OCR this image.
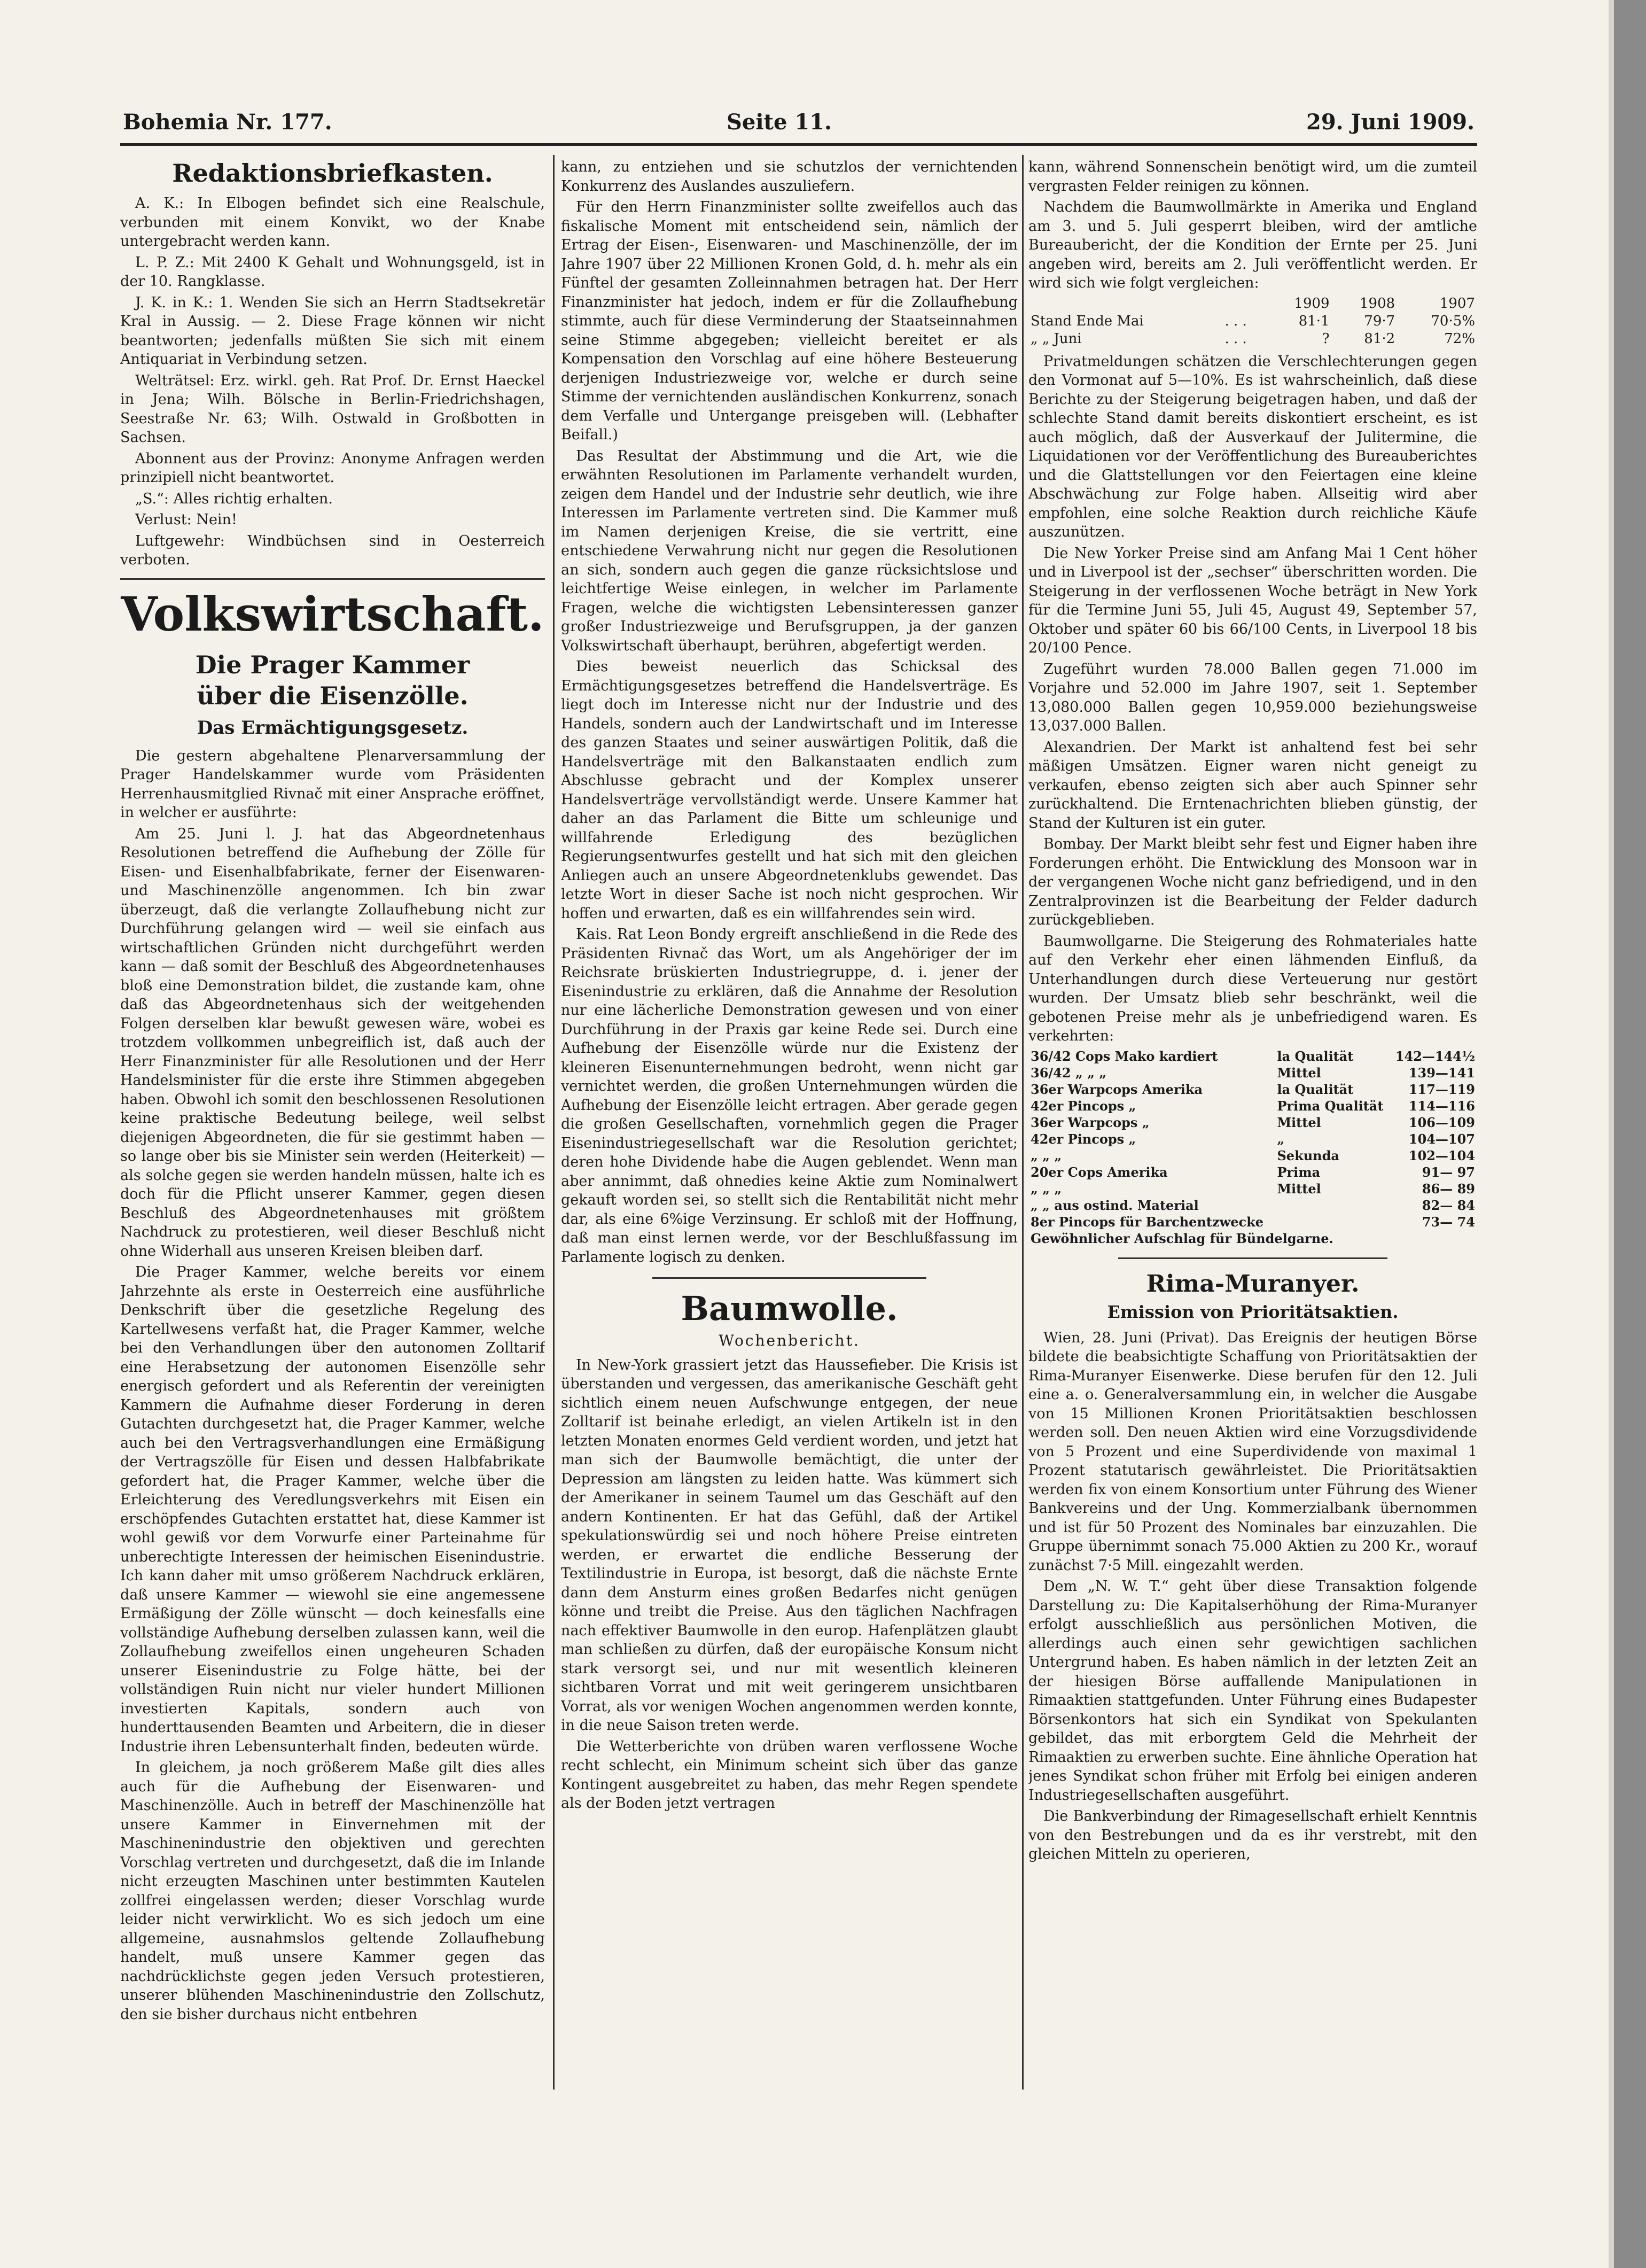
Bohemia Nr. 177.	Seite 11.	29. Juni 1909.
Redaktionsbriefkasten.

A. K.: In Elbogen befindet sich eine Realschule, verbunden mit einem Konvikt, wo der Knabe untergebracht werden kann.

L. P. Z.: Mit 2400 K Gehalt und Wohnungsgeld, ist in der 10. Rangklasse.

J. K. in K.: 1. Wenden Sie sich an Herrn Stadtsekretär Kral in Aussig. — 2. Diese Frage können wir nicht beantworten; jedenfalls müßten Sie sich mit einem Antiquariat in Verbindung setzen.

Welträtsel: Erz. wirkl. geh. Rat Prof. Dr. Ernst Haeckel in Jena; Wilh. Bölsche in Berlin-Friedrichshagen, Seestraße Nr. 63; Wilh. Ostwald in Großbotten in Sachsen.

Abonnent aus der Provinz: Anonyme Anfragen werden prinzipiell nicht beantwortet.

„S.“: Alles richtig erhalten.

Verlust: Nein!

Luftgewehr: Windbüchsen sind in Oesterreich verboten.

Volkswirtschaft.
Die Prager Kammer
über die Eisenzölle.
Das Ermächtigungsgesetz.

Die gestern abgehaltene Plenarversammlung der Prager Handelskammer wurde vom Präsidenten Herrenhausmitglied Rivnač mit einer Ansprache eröffnet, in welcher er ausführte:

Am 25. Juni l. J. hat das Abgeordnetenhaus Resolutionen betreffend die Aufhebung der Zölle für Eisen- und Eisenhalbfabrikate, ferner der Eisenwaren- und Maschinenzölle angenommen. Ich bin zwar überzeugt, daß die verlangte Zollaufhebung nicht zur Durchführung gelangen wird — weil sie einfach aus wirtschaftlichen Gründen nicht durchgeführt werden kann — daß somit der Beschluß des Abgeordnetenhauses bloß eine Demonstration bildet, die zustande kam, ohne daß das Abgeordnetenhaus sich der weitgehenden Folgen derselben klar bewußt gewesen wäre, wobei es trotzdem vollkommen unbegreiflich ist, daß auch der Herr Finanzminister für alle Resolutionen und der Herr Handelsminister für die erste ihre Stimmen abgegeben haben. Obwohl ich somit den beschlossenen Resolutionen keine praktische Bedeutung beilege, weil selbst diejenigen Abgeordneten, die für sie gestimmt haben — so lange ober bis sie Minister sein werden (Heiterkeit) — als solche gegen sie werden handeln müssen, halte ich es doch für die Pflicht unserer Kammer, gegen diesen Beschluß des Abgeordnetenhauses mit größtem Nachdruck zu protestieren, weil dieser Beschluß nicht ohne Widerhall aus unseren Kreisen bleiben darf.

Die Prager Kammer, welche bereits vor einem Jahrzehnte als erste in Oesterreich eine ausführliche Denkschrift über die gesetzliche Regelung des Kartellwesens verfaßt hat, die Prager Kammer, welche bei den Verhandlungen über den autonomen Zolltarif eine Herabsetzung der autonomen Eisenzölle sehr energisch gefordert und als Referentin der vereinigten Kammern die Aufnahme dieser Forderung in deren Gutachten durchgesetzt hat, die Prager Kammer, welche auch bei den Vertragsverhandlungen eine Ermäßigung der Vertragszölle für Eisen und dessen Halbfabrikate gefordert hat, die Prager Kammer, welche über die Erleichterung des Veredlungsverkehrs mit Eisen ein erschöpfendes Gutachten erstattet hat, diese Kammer ist wohl gewiß vor dem Vorwurfe einer Parteinahme für unberechtigte Interessen der heimischen Eisenindustrie. Ich kann daher mit umso größerem Nachdruck erklären, daß unsere Kammer — wiewohl sie eine angemessene Ermäßigung der Zölle wünscht — doch keinesfalls eine vollständige Aufhebung derselben zulassen kann, weil die Zollaufhebung zweifellos einen ungeheuren Schaden unserer Eisenindustrie zu Folge hätte, bei der vollständigen Ruin nicht nur vieler hundert Millionen investierten Kapitals, sondern auch von hunderttausenden Beamten und Arbeitern, die in dieser Industrie ihren Lebensunterhalt finden, bedeuten würde.

In gleichem, ja noch größerem Maße gilt dies alles auch für die Aufhebung der Eisenwaren- und Maschinenzölle. Auch in betreff der Maschinenzölle hat unsere Kammer in Einvernehmen mit der Maschinenindustrie den objektiven und gerechten Vorschlag vertreten und durchgesetzt, daß die im Inlande nicht erzeugten Maschinen unter bestimmten Kautelen zollfrei eingelassen werden; dieser Vorschlag wurde leider nicht verwirklicht. Wo es sich jedoch um eine allgemeine, ausnahmslos geltende Zollaufhebung handelt, muß unsere Kammer gegen das nachdrücklichste gegen jeden Versuch protestieren, unserer blühenden Maschinenindustrie den Zollschutz, den sie bisher durchaus nicht entbehren

kann, zu entziehen und sie schutzlos der vernichtenden Konkurrenz des Auslandes auszuliefern.

Für den Herrn Finanzminister sollte zweifellos auch das fiskalische Moment mit entscheidend sein, nämlich der Ertrag der Eisen-, Eisenwaren- und Maschinenzölle, der im Jahre 1907 über 22 Millionen Kronen Gold, d. h. mehr als ein Fünftel der gesamten Zolleinnahmen betragen hat. Der Herr Finanzminister hat jedoch, indem er für die Zollaufhebung stimmte, auch für diese Verminderung der Staatseinnahmen seine Stimme abgegeben; vielleicht bereitet er als Kompensation den Vorschlag auf eine höhere Besteuerung derjenigen Industriezweige vor, welche er durch seine Stimme der vernichtenden ausländischen Konkurrenz, sonach dem Verfalle und Untergange preisgeben will. (Lebhafter Beifall.)

Das Resultat der Abstimmung und die Art, wie die erwähnten Resolutionen im Parlamente verhandelt wurden, zeigen dem Handel und der Industrie sehr deutlich, wie ihre Interessen im Parlamente vertreten sind. Die Kammer muß im Namen derjenigen Kreise, die sie vertritt, eine entschiedene Verwahrung nicht nur gegen die Resolutionen an sich, sondern auch gegen die ganze rücksichtslose und leichtfertige Weise einlegen, in welcher im Parlamente Fragen, welche die wichtigsten Lebensinteressen ganzer großer Industriezweige und Berufsgruppen, ja der ganzen Volkswirtschaft überhaupt, berühren, abgefertigt werden.

Dies beweist neuerlich das Schicksal des Ermächtigungsgesetzes betreffend die Handelsverträge. Es liegt doch im Interesse nicht nur der Industrie und des Handels, sondern auch der Landwirtschaft und im Interesse des ganzen Staates und seiner auswärtigen Politik, daß die Handelsverträge mit den Balkanstaaten endlich zum Abschlusse gebracht und der Komplex unserer Handelsverträge vervollständigt werde. Unsere Kammer hat daher an das Parlament die Bitte um schleunige und willfahrende Erledigung des bezüglichen Regierungsentwurfes gestellt und hat sich mit den gleichen Anliegen auch an unsere Abgeordnetenklubs gewendet. Das letzte Wort in dieser Sache ist noch nicht gesprochen. Wir hoffen und erwarten, daß es ein willfahrendes sein wird.

Kais. Rat Leon Bondy ergreift anschließend in die Rede des Präsidenten Rivnač das Wort, um als Angehöriger der im Reichsrate brüskierten Industriegruppe, d. i. jener der Eisenindustrie zu erklären, daß die Annahme der Resolution nur eine lächerliche Demonstration gewesen und von einer Durchführung in der Praxis gar keine Rede sei. Durch eine Aufhebung der Eisenzölle würde nur die Existenz der kleineren Eisenunternehmungen bedroht, wenn nicht gar vernichtet werden, die großen Unternehmungen würden die Aufhebung der Eisenzölle leicht ertragen. Aber gerade gegen die großen Gesellschaften, vornehmlich gegen die Prager Eisenindustriegesellschaft war die Resolution gerichtet; deren hohe Dividende habe die Augen geblendet. Wenn man aber annimmt, daß ohnedies keine Aktie zum Nominalwert gekauft worden sei, so stellt sich die Rentabilität nicht mehr dar, als eine 6%ige Verzinsung. Er schloß mit der Hoffnung, daß man einst lernen werde, vor der Beschlußfassung im Parlamente logisch zu denken.

Baumwolle.
Wochenbericht.

In New-York grassiert jetzt das Haussefieber. Die Krisis ist überstanden und vergessen, das amerikanische Geschäft geht sichtlich einem neuen Aufschwunge entgegen, der neue Zolltarif ist beinahe erledigt, an vielen Artikeln ist in den letzten Monaten enormes Geld verdient worden, und jetzt hat man sich der Baumwolle bemächtigt, die unter der Depression am längsten zu leiden hatte. Was kümmert sich der Amerikaner in seinem Taumel um das Geschäft auf den andern Kontinenten. Er hat das Gefühl, daß der Artikel spekulationswürdig sei und noch höhere Preise eintreten werden, er erwartet die endliche Besserung der Textilindustrie in Europa, ist besorgt, daß die nächste Ernte dann dem Ansturm eines großen Bedarfes nicht genügen könne und treibt die Preise. Aus den täglichen Nachfragen nach effektiver Baumwolle in den europ. Hafenplätzen glaubt man schließen zu dürfen, daß der europäische Konsum nicht stark versorgt sei, und nur mit wesentlich kleineren sichtbaren Vorrat und mit weit geringerem unsichtbaren Vorrat, als vor wenigen Wochen angenommen werden konnte, in die neue Saison treten werde.

Die Wetterberichte von drüben waren verflossene Woche recht schlecht, ein Minimum scheint sich über das ganze Kontingent ausgebreitet zu haben, das mehr Regen spendete als der Boden jetzt vertragen

kann, während Sonnenschein benötigt wird, um die zumteil vergrasten Felder reinigen zu können.

Nachdem die Baumwollmärkte in Amerika und England am 3. und 5. Juli gesperrt bleiben, wird der amtliche Bureaubericht, der die Kondition der Ernte per 25. Juni angeben wird, bereits am 2. Juli veröffentlicht werden. Er wird sich wie folgt vergleichen:

		1909	1908	1907
Stand Ende Mai	. . .	81·1	79·7	70·5%
„ „ Juni	. . .	?	81·2	72%

Privatmeldungen schätzen die Verschlechterungen gegen den Vormonat auf 5—10%. Es ist wahrscheinlich, daß diese Berichte zu der Steigerung beigetragen haben, und daß der schlechte Stand damit bereits diskontiert erscheint, es ist auch möglich, daß der Ausverkauf der Julitermine, die Liquidationen vor der Veröffentlichung des Bureauberichtes und die Glattstellungen vor den Feiertagen eine kleine Abschwächung zur Folge haben. Allseitig wird aber empfohlen, eine solche Reaktion durch reichliche Käufe auszunützen.

Die New Yorker Preise sind am Anfang Mai 1 Cent höher und in Liverpool ist der „sechser“ überschritten worden. Die Steigerung in der verflossenen Woche beträgt in New York für die Termine Juni 55, Juli 45, August 49, September 57, Oktober und später 60 bis 66/100 Cents, in Liverpool 18 bis 20/100 Pence.

Zugeführt wurden 78.000 Ballen gegen 71.000 im Vorjahre und 52.000 im Jahre 1907, seit 1. September 13,080.000 Ballen gegen 10,959.000 beziehungsweise 13,037.000 Ballen.

Alexandrien. Der Markt ist anhaltend fest bei sehr mäßigen Umsätzen. Eigner waren nicht geneigt zu verkaufen, ebenso zeigten sich aber auch Spinner sehr zurückhaltend. Die Erntenachrichten blieben günstig, der Stand der Kulturen ist ein guter.

Bombay. Der Markt bleibt sehr fest und Eigner haben ihre Forderungen erhöht. Die Entwicklung des Monsoon war in der vergangenen Woche nicht ganz befriedigend, und in den Zentralprovinzen ist die Bearbeitung der Felder dadurch zurückgeblieben.

Baumwollgarne. Die Steigerung des Rohmateriales hatte auf den Verkehr eher einen lähmenden Einfluß, da Unterhandlungen durch diese Verteuerung nur gestört wurden. Der Umsatz blieb sehr beschränkt, weil die gebotenen Preise mehr als je unbefriedigend waren. Es verkehrten:

36/42 Cops Mako kardiert	la Qualität	142—144½
36/42 „ „ „	Mittel	139—141
36er Warpcops Amerika	la Qualität	117—119
42er Pincops „	Prima Qualität	114—116
36er Warpcops „	Mittel	106—109
42er Pincops „	„	104—107
„ „ „	Sekunda	102—104
20er Cops Amerika	Prima	91— 97
„ „ „	Mittel	86— 89
„ „ aus ostind. Material		82— 84
8er Pincops für Barchentzwecke		73— 74
Gewöhnlicher Aufschlag für Bündelgarne.		
Rima-Muranyer.
Emission von Prioritätsaktien.

Wien, 28. Juni (Privat). Das Ereignis der heutigen Börse bildete die beabsichtigte Schaffung von Prioritätsaktien der Rima-Muranyer Eisenwerke. Diese berufen für den 12. Juli eine a. o. Generalversammlung ein, in welcher die Ausgabe von 15 Millionen Kronen Prioritätsaktien beschlossen werden soll. Den neuen Aktien wird eine Vorzugsdividende von 5 Prozent und eine Superdividende von maximal 1 Prozent statutarisch gewährleistet. Die Prioritätsaktien werden fix von einem Konsortium unter Führung des Wiener Bankvereins und der Ung. Kommerzialbank übernommen und ist für 50 Prozent des Nominales bar einzuzahlen. Die Gruppe übernimmt sonach 75.000 Aktien zu 200 Kr., worauf zunächst 7·5 Mill. eingezahlt werden.

Dem „N. W. T.“ geht über diese Transaktion folgende Darstellung zu: Die Kapitalserhöhung der Rima-Muranyer erfolgt ausschließlich aus persönlichen Motiven, die allerdings auch einen sehr gewichtigen sachlichen Untergrund haben. Es haben nämlich in der letzten Zeit an der hiesigen Börse auffallende Manipulationen in Rimaaktien stattgefunden. Unter Führung eines Budapester Börsenkontors hat sich ein Syndikat von Spekulanten gebildet, das mit erborgtem Geld die Mehrheit der Rimaaktien zu erwerben suchte. Eine ähnliche Operation hat jenes Syndikat schon früher mit Erfolg bei einigen anderen Industriegesellschaften ausgeführt.

Die Bankverbindung der Rimagesellschaft erhielt Kenntnis von den Bestrebungen und da es ihr verstrebt, mit den gleichen Mitteln zu operieren,
